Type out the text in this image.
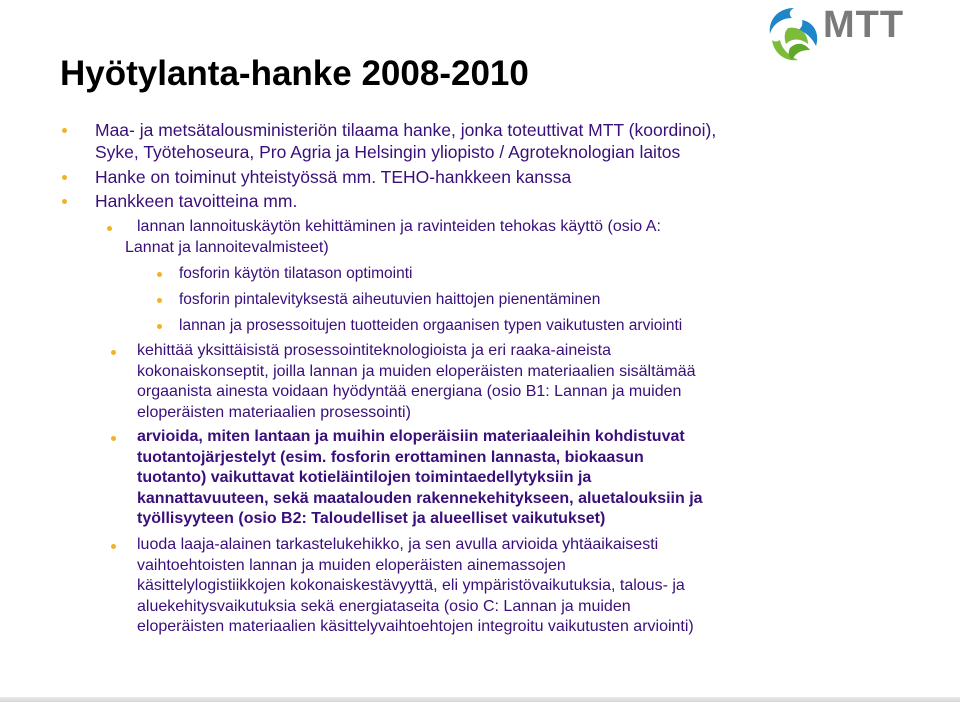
MTT
Hyötylanta-hanke 2008-2010
Maa- ja metsätalousministeriön tilaama hanke, jonka toteuttivat MTT (koordinoi),
Syke, Työtehoseura, Pro Agria ja Helsingin yliopisto / Agroteknologian laitos
Hanke on toiminut yhteistyössä mm. TEHO-hankkeen kanssa
Hankkeen tavoitteina mm.
lannan lannoituskäytön kehittäminen ja ravinteiden tehokas käyttö (osio A:
Lannat ja lannoitevalmisteet)
fosforin käytön tilatason optimointi
fosforin pintalevityksestä aiheutuvien haittojen pienentäminen
lannan ja prosessoitujen tuotteiden orgaanisen typen vaikutusten arviointi
kehittää yksittäisistä prosessointiteknologioista ja eri raaka-aineista
kokonaiskonseptit, joilla lannan ja muiden eloperäisten materiaalien sisältämää
orgaanista ainesta voidaan hyödyntää energiana (osio B1: Lannan ja muiden
eloperäisten materiaalien prosessointi)
arvioida, miten lantaan ja muihin eloperäisiin materiaaleihin kohdistuvat
tuotantojärjestelyt (esim. fosforin erottaminen lannasta, biokaasun
tuotanto) vaikuttavat kotieläintilojen toimintaedellytyksiin ja
kannattavuuteen, sekä maatalouden rakennekehitykseen, aluetalouksiin ja
työllisyyteen (osio B2: Taloudelliset ja alueelliset vaikutukset)
luoda laaja-alainen tarkastelukehikko, ja sen avulla arvioida yhtäaikaisesti
vaihtoehtoisten lannan ja muiden eloperäisten ainemassojen
käsittelylogistiikkojen kokonaiskestävyyttä, eli ympäristövaikutuksia, talous- ja
aluekehitysvaikutuksia sekä energiataseita (osio C: Lannan ja muiden
eloperäisten materiaalien käsittelyvaihtoehtojen integroitu vaikutusten arviointi)
